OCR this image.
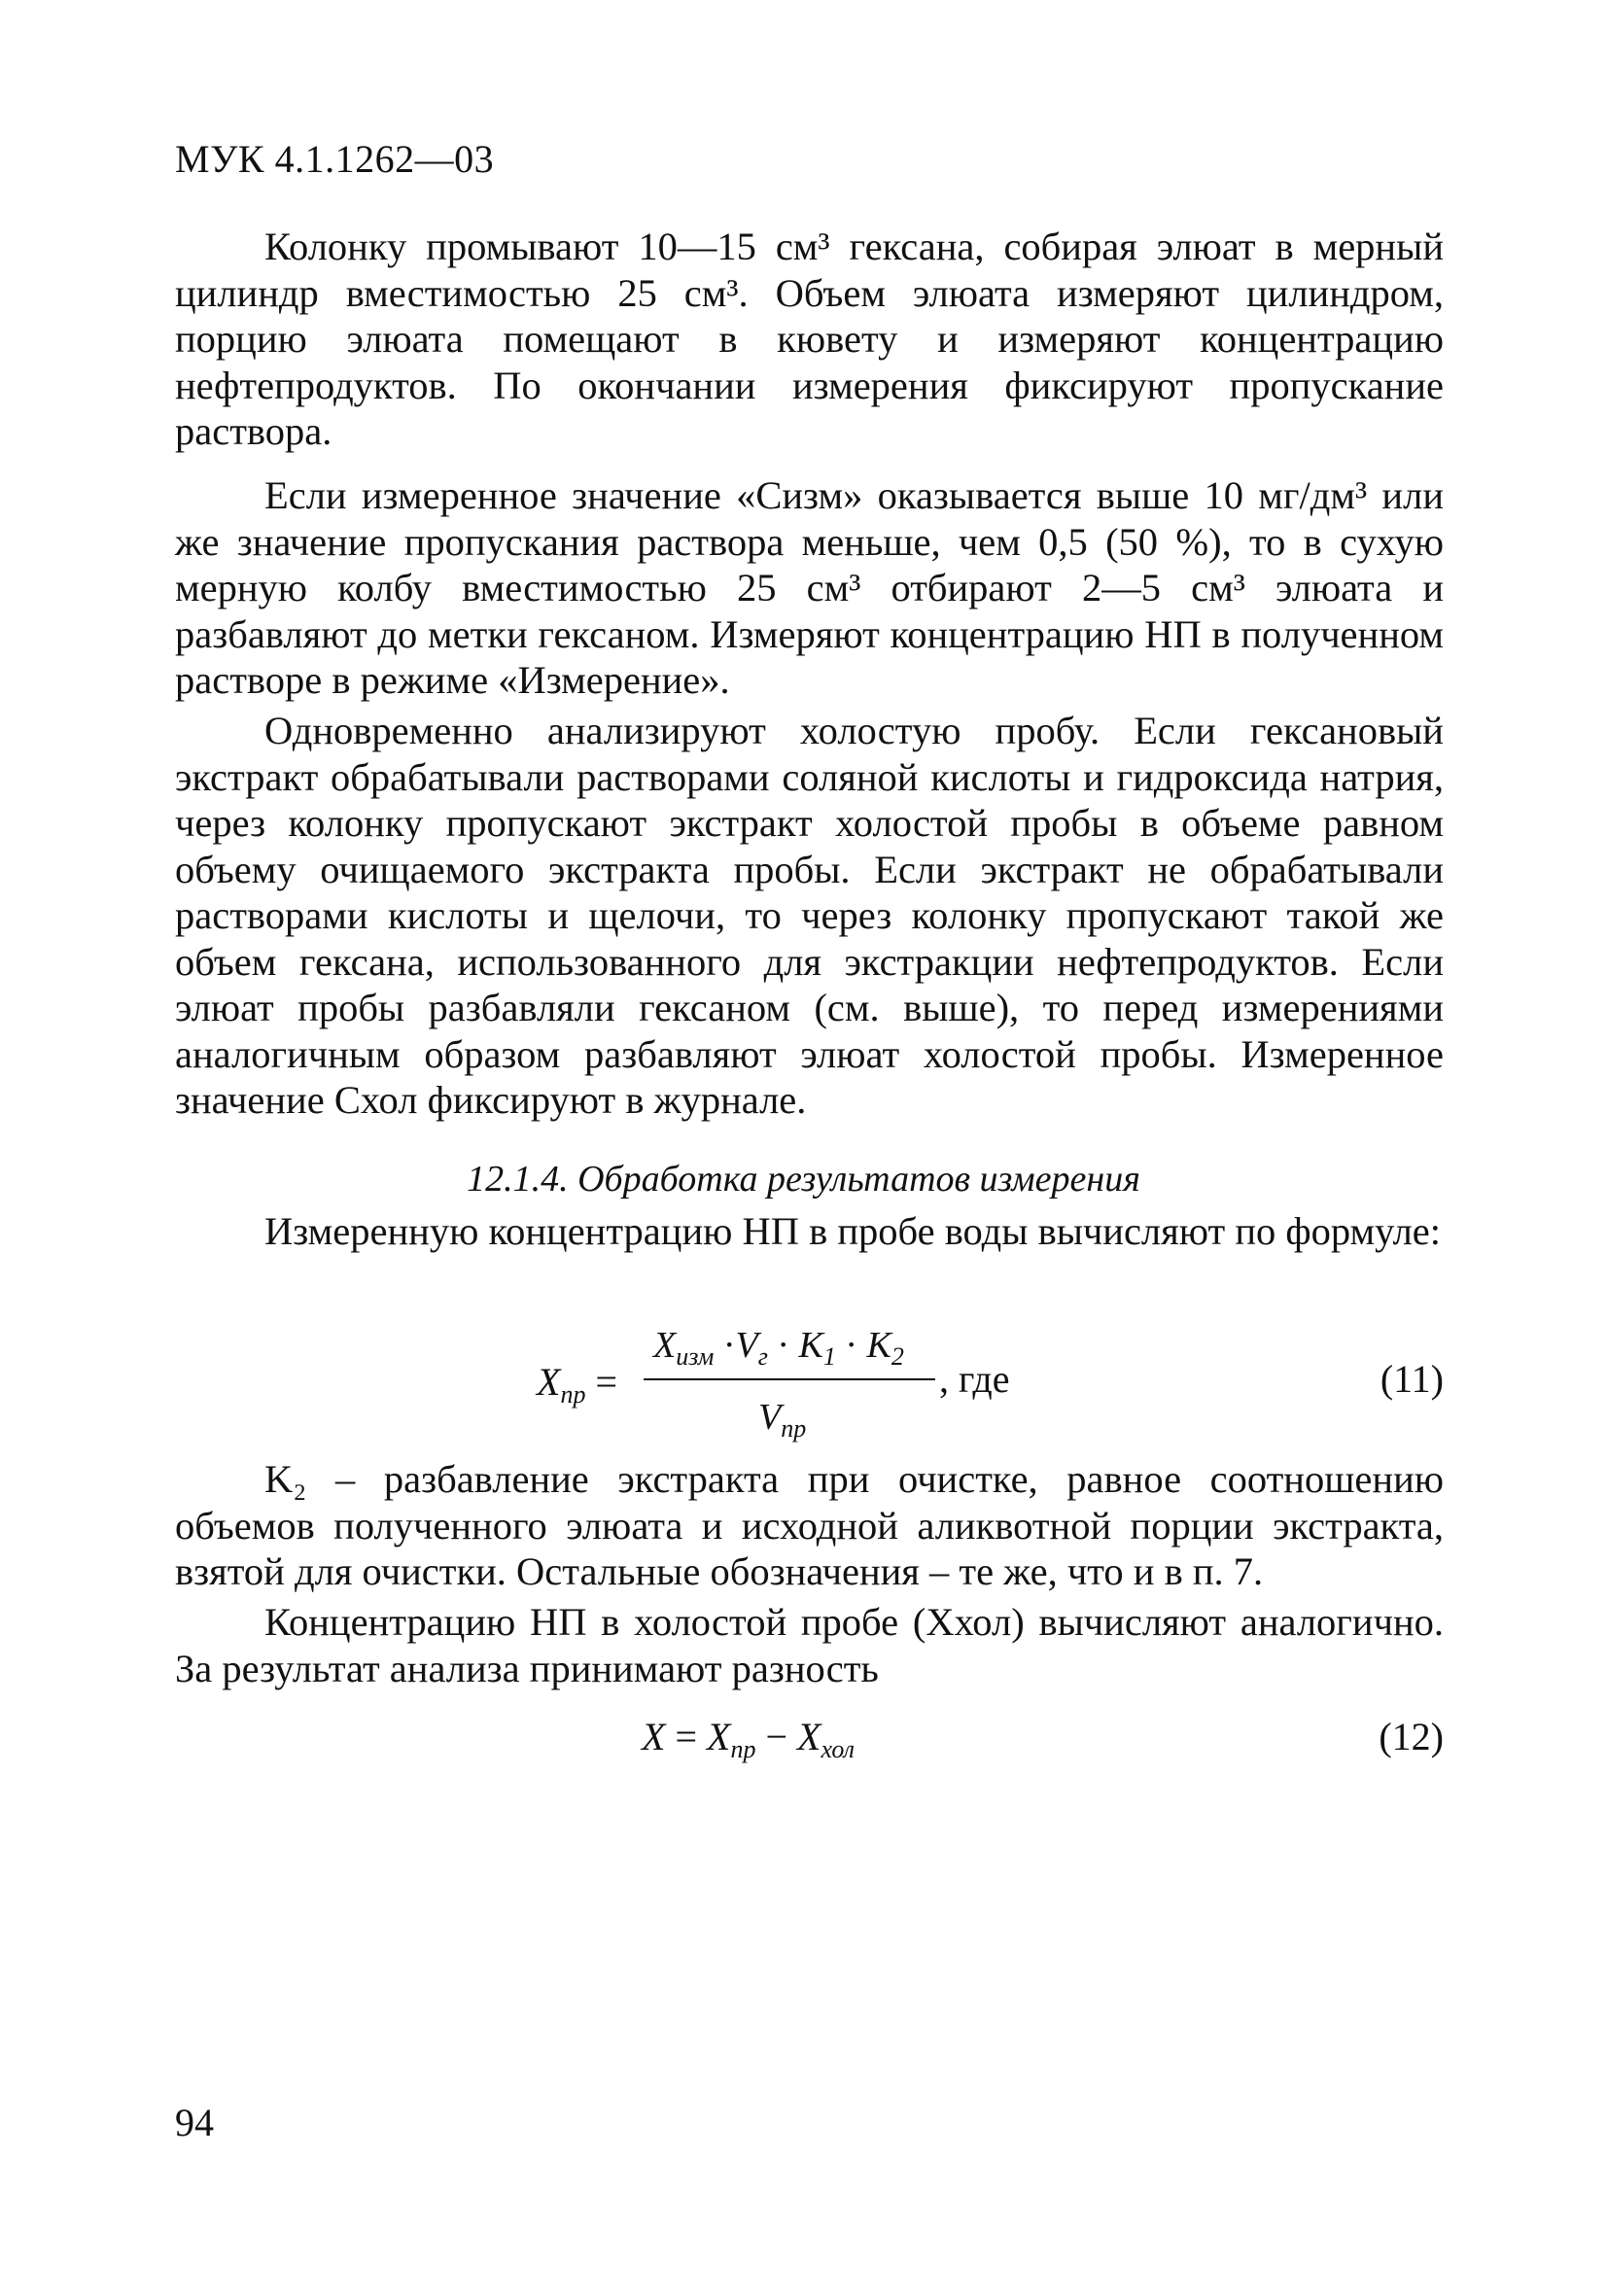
МУК 4.1.1262—03

Колонку промывают 10—15 см³ гексана, собирая элюат в мерный цилиндр вместимостью 25 см³. Объем элюата измеряют цилиндром, порцию элюата помещают в кювету и измеряют концентрацию нефтепродуктов. По окончании измерения фиксируют пропускание раствора.

Если измеренное значение «Cизм» оказывается выше 10 мг/дм³ или же значение пропускания раствора меньше, чем 0,5 (50 %), то в сухую мерную колбу вместимостью 25 см³ отбирают 2—5 см³ элюата и разбавляют до метки гексаном. Измеряют концентрацию НП в полученном растворе в режиме «Измерение».

Одновременно анализируют холостую пробу. Если гексановый экстракт обрабатывали растворами соляной кислоты и гидроксида натрия, через колонку пропускают экстракт холостой пробы в объеме равном объему очищаемого экстракта пробы. Если экстракт не обрабатывали растворами кислоты и щелочи, то через колонку пропускают такой же объем гексана, использованного для экстракции нефтепродуктов. Если элюат пробы разбавляли гексаном (см. выше), то перед измерениями аналогичным образом разбавляют элюат холостой пробы. Измеренное значение Cхол фиксируют в журнале.

12.1.4. Обработка результатов измерения

Измеренную концентрацию НП в пробе воды вычисляют по формуле:

$X_{пр}$ =
$X_{изм} \cdot V_г \cdot K_1 \cdot K_2$
$V_{пр}$
, где	(11)

K₂ – разбавление экстракта при очистке, равное соотношению объемов полученного элюата и исходной аликвотной порции экстракта, взятой для очистки. Остальные обозначения – те же, что и в п. 7.

Концентрацию НП в холостой пробе (Xхол) вычисляют аналогично. За результат анализа принимают разность

$X = X_{пр} - X_{хол}$	(12)
94
